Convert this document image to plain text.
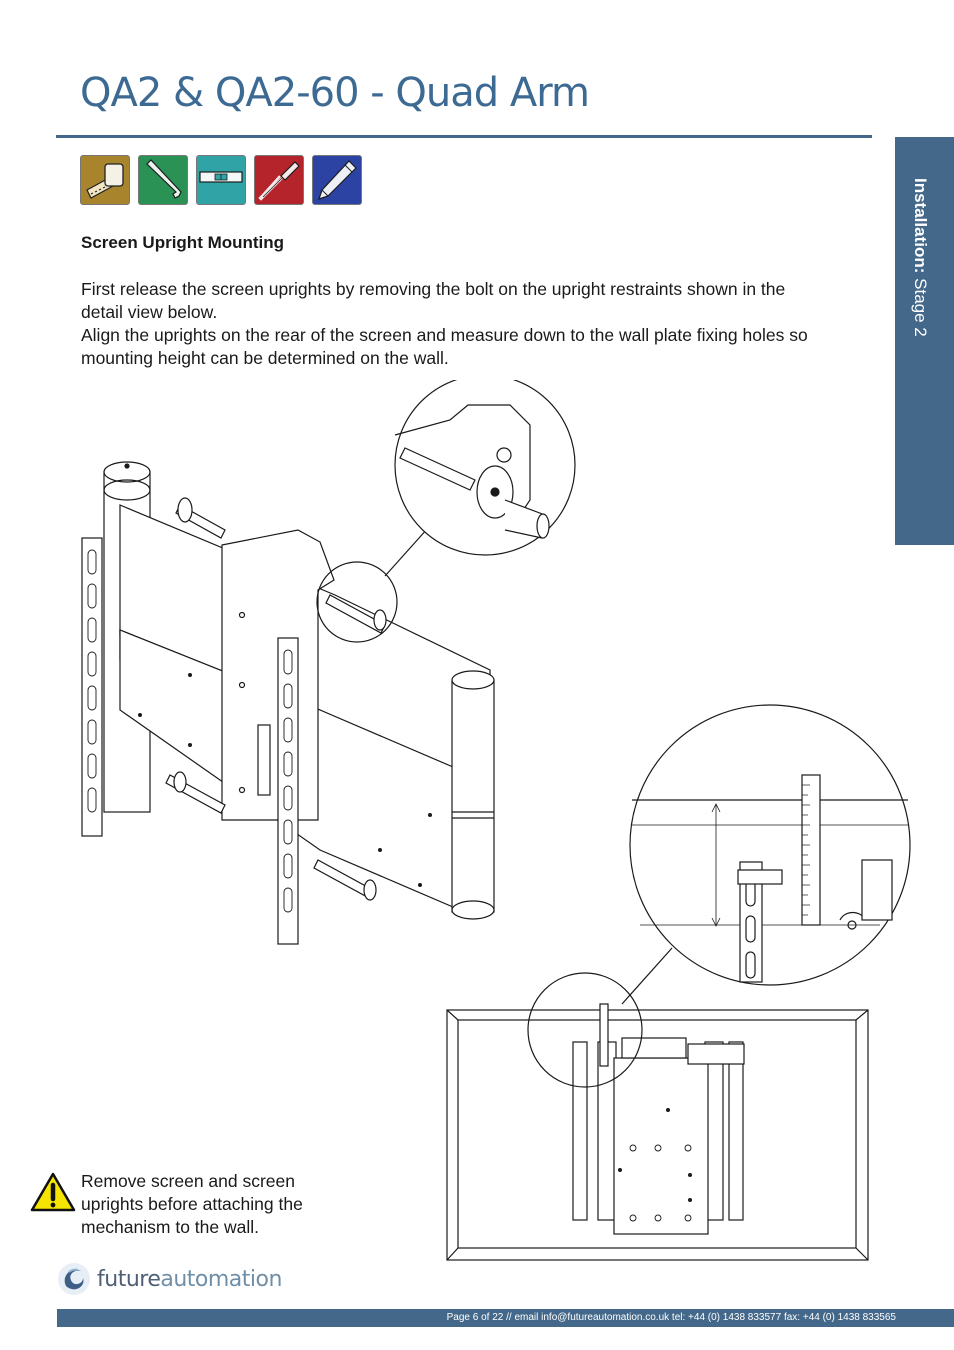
QA2 & QA2-60 - Quad Arm
Installation: Stage 2
Screen Upright Mounting

First release the screen uprights by removing the bolt on the upright restraints shown in the detail view below.

Align the uprights on the rear of the screen and measure down to the wall plate fixing holes so mounting height can be determined on the wall.

Remove screen and screen uprights before attaching the mechanism to the wall.
futureautomation
Page 6 of 22 // email info@futureautomation.co.uk tel: +44 (0) 1438 833577 fax: +44 (0) 1438 833565
